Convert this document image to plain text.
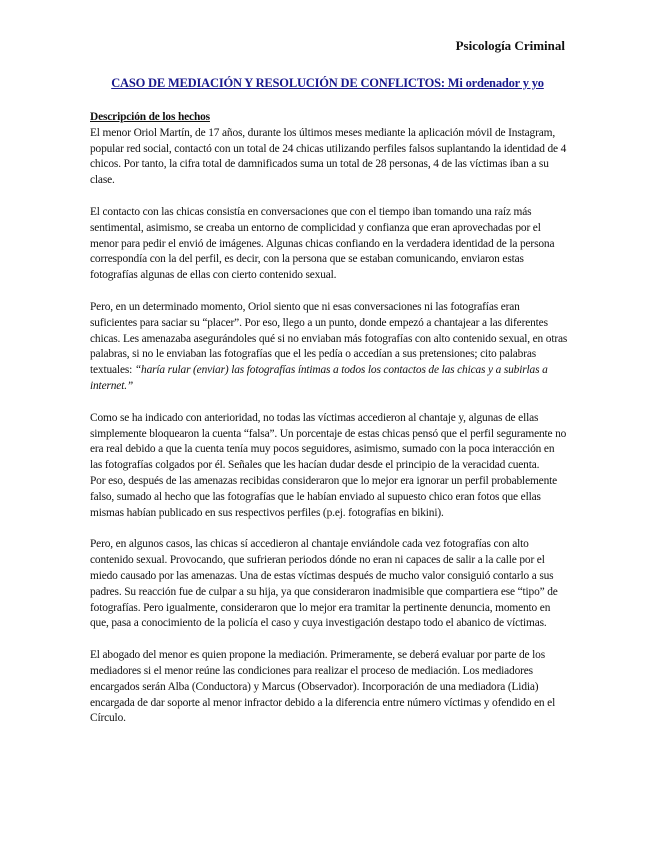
Psicología Criminal
CASO DE MEDIACIÓN Y RESOLUCIÓN DE CONFLICTOS: Mi ordenador y yo

Descripción de los hechos
El menor Oriol Martín, de 17 años, durante los últimos meses mediante la aplicación móvil de Instagram, popular red social, contactó con un total de 24 chicas utilizando perfiles falsos suplantando la identidad de 4 chicos. Por tanto, la cifra total de damnificados suma un total de 28 personas, 4 de las víctimas iban a su clase.

El contacto con las chicas consistía en conversaciones que con el tiempo iban tomando una raíz más sentimental, asimismo, se creaba un entorno de complicidad y confianza que eran aprovechadas por el menor para pedir el envió de imágenes. Algunas chicas confiando en la verdadera identidad de la persona correspondía con la del perfil, es decir, con la persona que se estaban comunicando, enviaron estas fotografías algunas de ellas con cierto contenido sexual.

Pero, en un determinado momento, Oriol siento que ni esas conversaciones ni las fotografías eran suficientes para saciar su “placer”. Por eso, llego a un punto, donde empezó a chantajear a las diferentes chicas. Les amenazaba asegurándoles qué si no enviaban más fotografías con alto contenido sexual, en otras palabras, si no le enviaban las fotografías que el les pedía o accedían a sus pretensiones; cito palabras textuales: “haría rular (enviar) las fotografías íntimas a todos los contactos de las chicas y a subirlas a internet.”

Como se ha indicado con anterioridad, no todas las víctimas accedieron al chantaje y, algunas de ellas simplemente bloquearon la cuenta “falsa”. Un porcentaje de estas chicas pensó que el perfil seguramente no era real debido a que la cuenta tenía muy pocos seguidores, asimismo, sumado con la poca interacción en las fotografías colgados por él. Señales que les hacían dudar desde el principio de la veracidad cuenta.
Por eso, después de las amenazas recibidas consideraron que lo mejor era ignorar un perfil probablemente falso, sumado al hecho que las fotografías que le habían enviado al supuesto chico eran fotos que ellas mismas habían publicado en sus respectivos perfiles (p.ej. fotografías en bikini).

Pero, en algunos casos, las chicas sí accedieron al chantaje enviándole cada vez fotografías con alto contenido sexual. Provocando, que sufrieran periodos dónde no eran ni capaces de salir a la calle por el miedo causado por las amenazas. Una de estas víctimas después de mucho valor consiguió contarlo a sus padres. Su reacción fue de culpar a su hija, ya que consideraron inadmisible que compartiera ese “tipo” de fotografías. Pero igualmente, consideraron que lo mejor era tramitar la pertinente denuncia, momento en que, pasa a conocimiento de la policía el caso y cuya investigación destapo todo el abanico de víctimas.

El abogado del menor es quien propone la mediación. Primeramente, se deberá evaluar por parte de los mediadores si el menor reúne las condiciones para realizar el proceso de mediación. Los mediadores encargados serán Alba (Conductora) y Marcus (Observador). Incorporación de una mediadora (Lidia) encargada de dar soporte al menor infractor debido a la diferencia entre número víctimas y ofendido en el Círculo.
